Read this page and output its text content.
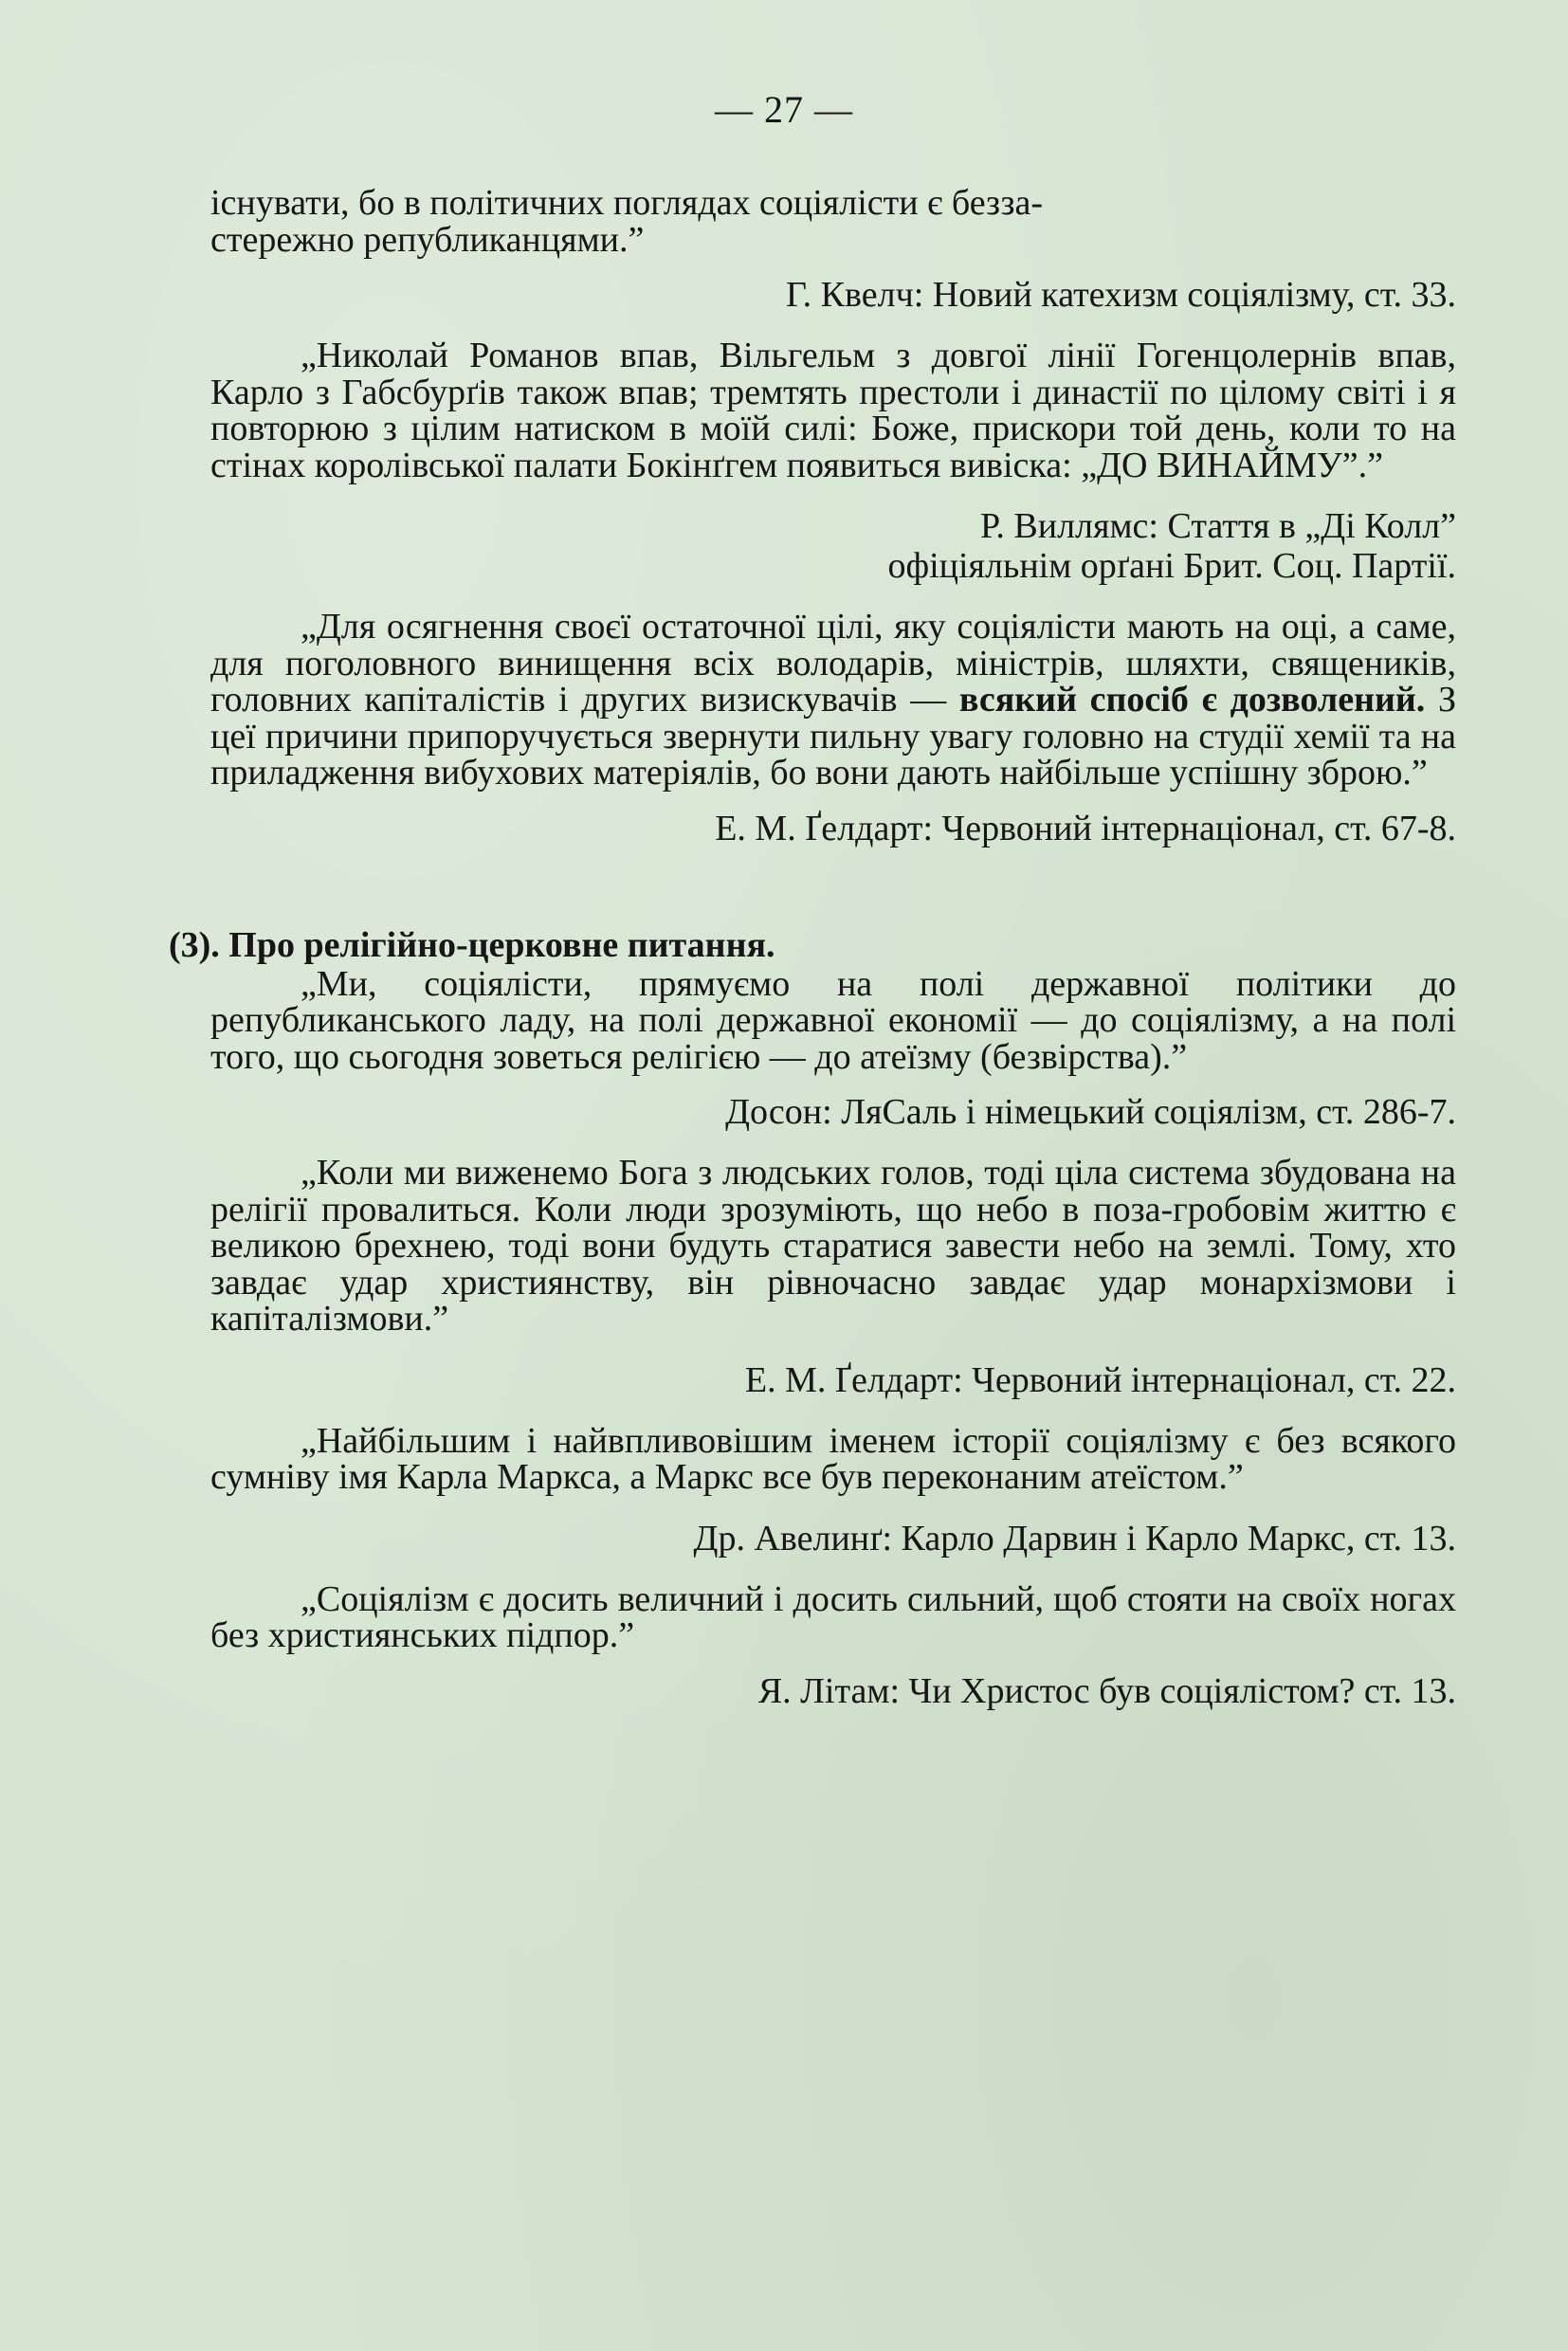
— 27 —

існувати, бо в політичних поглядах соціялісти є безза-
стережно републиканцями.”

Г. Квелч: Новий катехизм соціялізму, ст. 33.

„Николай Романов впав, Вільгельм з довгої лінії Гогенцолернів впав, Карло з Габсбурґів також впав; тремтять престоли і династії по цілому світі і я повторюю з цілим натиском в моїй силі: Боже, прискори той день, коли то на стінах королівської палати Бокінґгем появиться вивіска: „ДО ВИНАЙМУ”.”

Р. Виллямс: Стаття в „Ді Колл”
офіціяльнім орґані Брит. Соц. Партії.

„Для осягнення своєї остаточної цілі, яку соціялісти мають на оці, а саме, для поголовного винищення всіх володарів, міністрів, шляхти, священиків, головних капіталістів і других визискувачів — всякий спосіб є дозволений. З цеї причини припоручується звернути пильну увагу головно на студії хемії та на приладження вибухових матеріялів, бо вони дають найбільше успішну зброю.”

Е. М. Ґелдарт: Червоний інтернаціонал, ст. 67-8.

(3). Про релігійно-церковне питання.

„Ми, соціялісти, прямуємо на полі державної політики до републиканського ладу, на полі державної економії — до соціялізму, а на полі того, що сьогодня зоветься релігією — до атеїзму (безвірства).”

Досон: ЛяСаль і німецький соціялізм, ст. 286-7.

„Коли ми виженемо Бога з людських голов, тоді ціла система збудована на релігії провалиться. Коли люди зрозуміють, що небо в поза-гробовім життю є великою брехнею, тоді вони будуть старатися завести небо на землі. Тому, хто завдає удар християнству, він рівночасно завдає удар монархізмови і капіталізмови.”

Е. М. Ґелдарт: Червоний інтернаціонал, ст. 22.

„Найбільшим і найвпливовішим іменем історії соціялізму є без всякого сумніву імя Карла Маркса, а Маркс все був переконаним атеїстом.”

Др. Авелинґ: Карло Дарвин і Карло Маркс, ст. 13.

„Соціялізм є досить величний і досить сильний, щоб стояти на своїх ногах без християнських підпор.”

Я. Літам: Чи Христос був соціялістом? ст. 13.
